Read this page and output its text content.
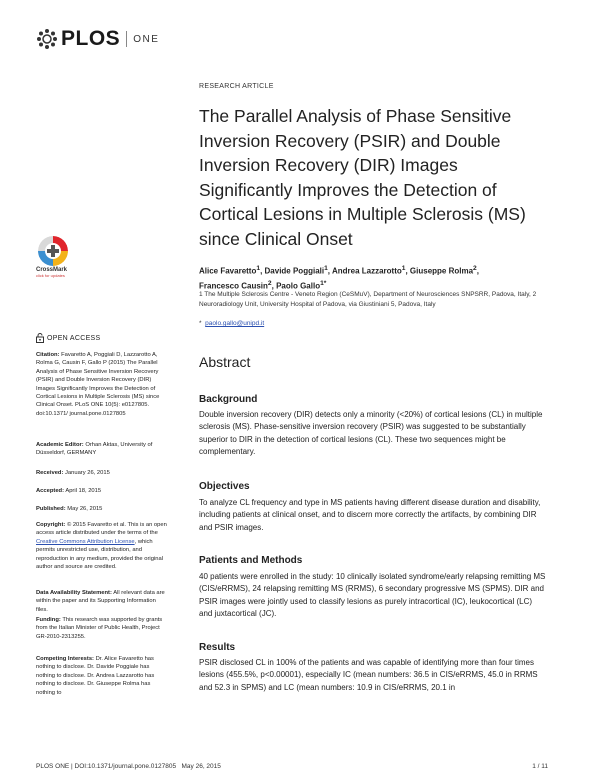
PLOS ONE
RESEARCH ARTICLE
The Parallel Analysis of Phase Sensitive Inversion Recovery (PSIR) and Double Inversion Recovery (DIR) Images Significantly Improves the Detection of Cortical Lesions in Multiple Sclerosis (MS) since Clinical Onset
Alice Favaretto$^1$, Davide Poggiali$^1$, Andrea Lazzarotto$^1$, Giuseppe Rolma$^2$,
Francesco Causin$^2$, Paolo Gallo$^{1*}$
1 The Multiple Sclerosis Centre - Veneto Region (CeSMuV), Department of Neurosciences SNPSRR, Padova, Italy, 2 Neuroradiology Unit, University Hospital of Padova, via Giustiniani 5, Padova, Italy
* paolo.gallo@unipd.it
CrossMark
click for updates
OPEN ACCESS
Citation: Favaretto A, Poggiali D, Lazzarotto A, Rolma G, Causin F, Gallo P (2015) The Parallel Analysis of Phase Sensitive Inversion Recovery (PSIR) and Double Inversion Recovery (DIR) Images Significantly Improves the Detection of Cortical Lesions in Multiple Sclerosis (MS) since Clinical Onset. PLoS ONE 10(5): e0127805. doi:10.1371/ journal.pone.0127805
Academic Editor: Orhan Aktas, University of Düsseldorf, GERMANY
Received: January 26, 2015
Accepted: April 18, 2015
Published: May 26, 2015
Copyright: © 2015 Favaretto et al. This is an open access article distributed under the terms of the Creative Commons Attribution License, which permits unrestricted use, distribution, and reproduction in any medium, provided the original author and source are credited.
Data Availability Statement: All relevant data are within the paper and its Supporting Information files.
Funding: This research was supported by grants from the Italian Minister of Public Health, Project GR-2010-2313255.
Competing Interests: Dr. Alice Favaretto has nothing to disclose. Dr. Davide Poggiale has nothing to disclose. Dr. Andrea Lazzarotto has nothing to disclose. Dr. Giuseppe Rolma has nothing to
Abstract
Background

Double inversion recovery (DIR) detects only a minority (<20%) of cortical lesions (CL) in multiple sclerosis (MS). Phase-sensitive inversion recovery (PSIR) was suggested to be substantially superior to DIR in the detection of cortical lesions (CL). These two sequences might be complementary.

Objectives

To analyze CL frequency and type in MS patients having different disease duration and disability, including patients at clinical onset, and to discern more correctly the artifacts, by combining DIR and PSIR images.

Patients and Methods

40 patients were enrolled in the study: 10 clinically isolated syndrome/early relapsing remitting MS (CIS/eRRMS), 24 relapsing remitting MS (RRMS), 6 secondary progressive MS (SPMS). DIR and PSIR images were jointly used to classify lesions as purely intracortical (IC), leukocortical (LC) and juxtacortical (JC).

Results

PSIR disclosed CL in 100% of the patients and was capable of identifying more than four times lesions (455.5%, p<0.00001), especially IC (mean numbers: 36.5 in CIS/eRRMS, 45.0 in RRMS and 52.3 in SPMS) and LC (mean numbers: 10.9 in CIS/eRRMS, 20.1 in

PLOS ONE | DOI:10.1371/journal.pone.0127805   May 26, 2015	1 / 11
